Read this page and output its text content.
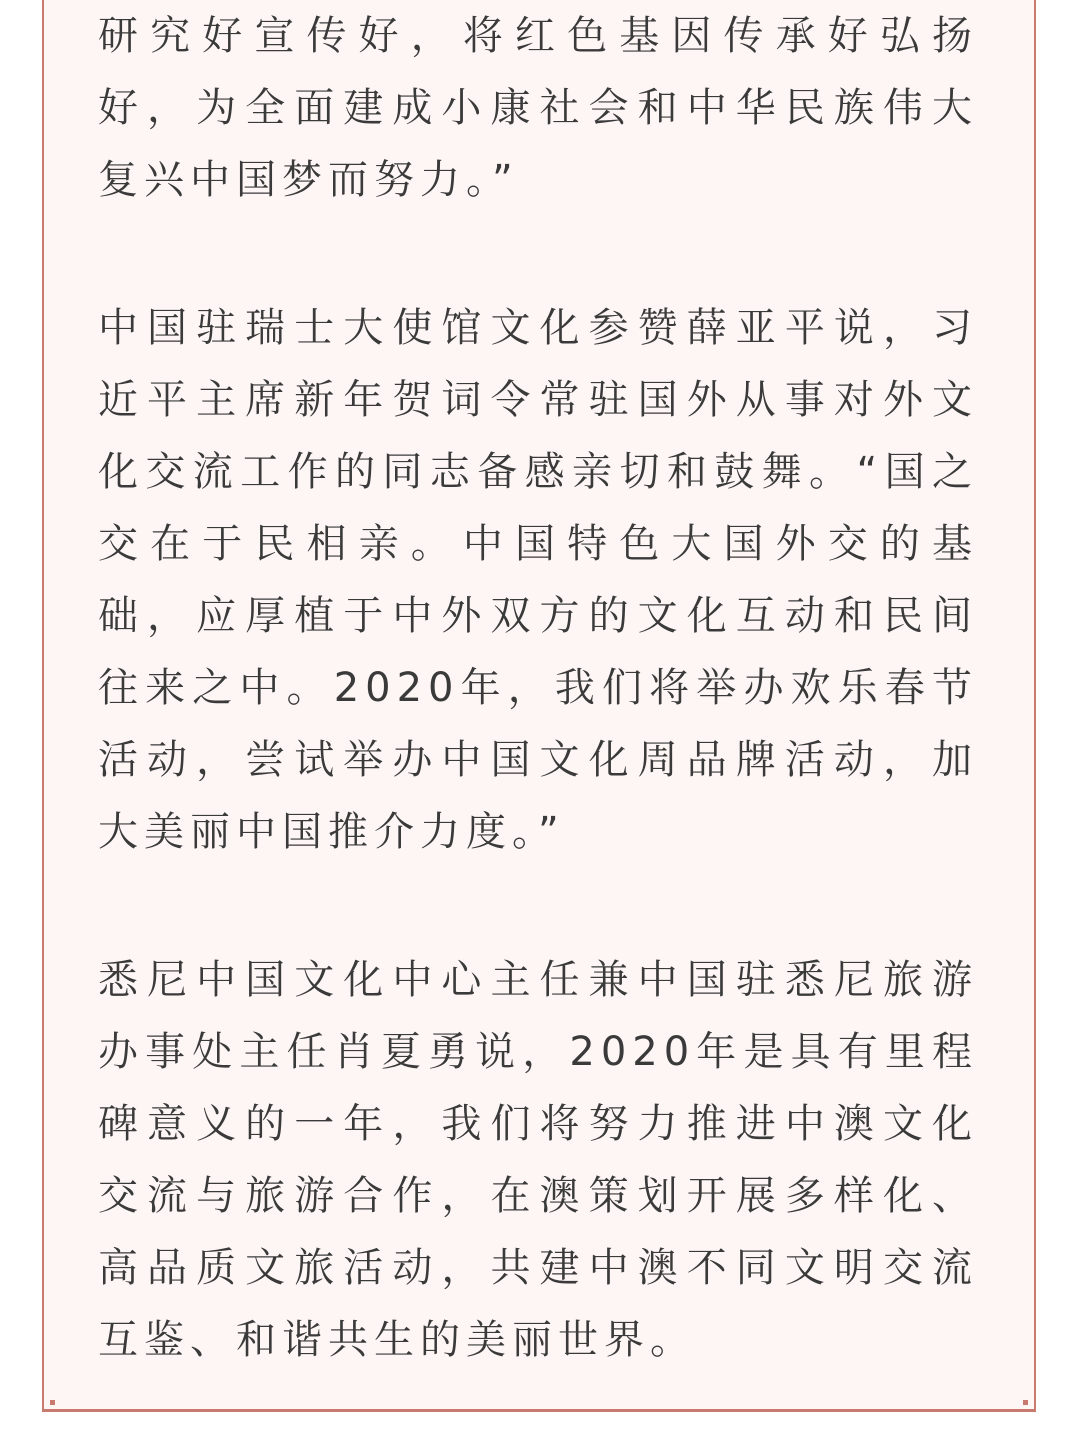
研究好宣传好，将红色基因传承好弘扬
好，为全面建成小康社会和中华民族伟大
复兴中国梦而努力。”

中国驻瑞士大使馆文化参赞薛亚平说，习
近平主席新年贺词令常驻国外从事对外文
化交流工作的同志备感亲切和鼓舞。“国之
交在于民相亲。中国特色大国外交的基
础，应厚植于中外双方的文化互动和民间
往来之中。2020年，我们将举办欢乐春节
活动，尝试举办中国文化周品牌活动，加
大美丽中国推介力度。”

悉尼中国文化中心主任兼中国驻悉尼旅游
办事处主任肖夏勇说，2020年是具有里程
碑意义的一年，我们将努力推进中澳文化
交流与旅游合作，在澳策划开展多样化、
高品质文旅活动，共建中澳不同文明交流
互鉴、和谐共生的美丽世界。
